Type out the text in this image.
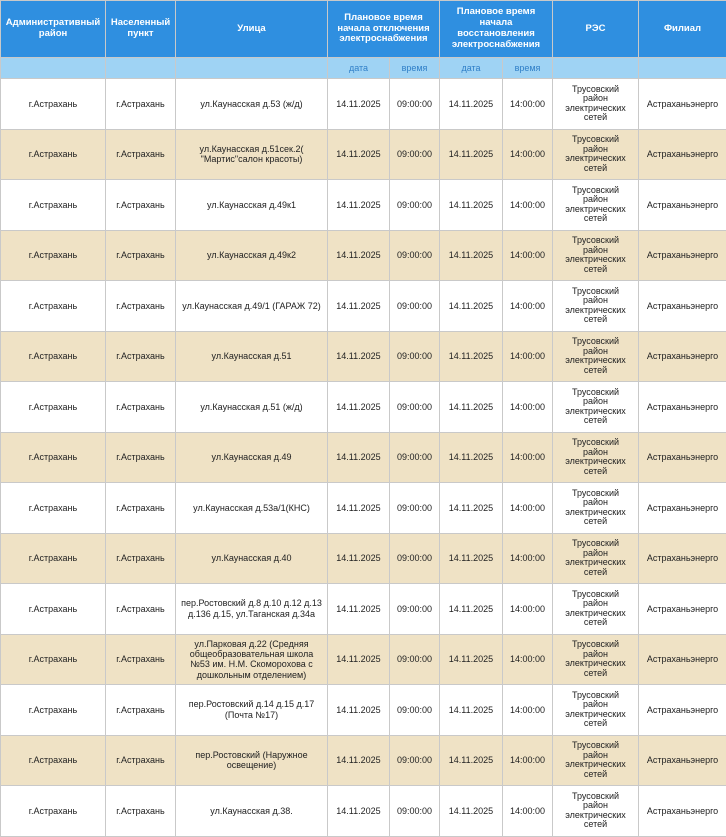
Административный район	Населенный пункт	Улица	Плановое время начала отключения электроснабжения		Плановое время начала восстановления электроснабжения		РЭС	Филиал
			дата	время	дата	время		
г.Астрахань	г.Астрахань	ул.Каунасская д.53 (ж/д)	14.11.2025	09:00:00	14.11.2025	14:00:00	Трусовский район электрических сетей	Астраханьэнерго
г.Астрахань	г.Астрахань	ул.Каунасская д.51сек.2( "Мартис"салон красоты)	14.11.2025	09:00:00	14.11.2025	14:00:00	Трусовский район электрических сетей	Астраханьэнерго
г.Астрахань	г.Астрахань	ул.Каунасская д.49к1	14.11.2025	09:00:00	14.11.2025	14:00:00	Трусовский район электрических сетей	Астраханьэнерго
г.Астрахань	г.Астрахань	ул.Каунасская д.49к2	14.11.2025	09:00:00	14.11.2025	14:00:00	Трусовский район электрических сетей	Астраханьэнерго
г.Астрахань	г.Астрахань	ул.Каунасская д.49/1 (ГАРАЖ 72)	14.11.2025	09:00:00	14.11.2025	14:00:00	Трусовский район электрических сетей	Астраханьэнерго
г.Астрахань	г.Астрахань	ул.Каунасская д.51	14.11.2025	09:00:00	14.11.2025	14:00:00	Трусовский район электрических сетей	Астраханьэнерго
г.Астрахань	г.Астрахань	ул.Каунасская д.51 (ж/д)	14.11.2025	09:00:00	14.11.2025	14:00:00	Трусовский район электрических сетей	Астраханьэнерго
г.Астрахань	г.Астрахань	ул.Каунасская д.49	14.11.2025	09:00:00	14.11.2025	14:00:00	Трусовский район электрических сетей	Астраханьэнерго
г.Астрахань	г.Астрахань	ул.Каунасская д.53а/1(КНС)	14.11.2025	09:00:00	14.11.2025	14:00:00	Трусовский район электрических сетей	Астраханьэнерго
г.Астрахань	г.Астрахань	ул.Каунасская д.40	14.11.2025	09:00:00	14.11.2025	14:00:00	Трусовский район электрических сетей	Астраханьэнерго
г.Астрахань	г.Астрахань	пер.Ростовский д.8 д.10 д.12 д.13 д.136 д.15, ул.Таганская д.34а	14.11.2025	09:00:00	14.11.2025	14:00:00	Трусовский район электрических сетей	Астраханьэнерго
г.Астрахань	г.Астрахань	ул.Парковая д.22 (Средняя общеобразовательная школа №53 им. Н.М. Скоморохова с дошкольным отделением)	14.11.2025	09:00:00	14.11.2025	14:00:00	Трусовский район электрических сетей	Астраханьэнерго
г.Астрахань	г.Астрахань	пер.Ростовский д.14 д.15 д.17 (Почта №17)	14.11.2025	09:00:00	14.11.2025	14:00:00	Трусовский район электрических сетей	Астраханьэнерго
г.Астрахань	г.Астрахань	пер.Ростовский (Наружное освещение)	14.11.2025	09:00:00	14.11.2025	14:00:00	Трусовский район электрических сетей	Астраханьэнерго
г.Астрахань	г.Астрахань	ул.Каунасская д.38.	14.11.2025	09:00:00	14.11.2025	14:00:00	Трусовский район электрических сетей	Астраханьэнерго
